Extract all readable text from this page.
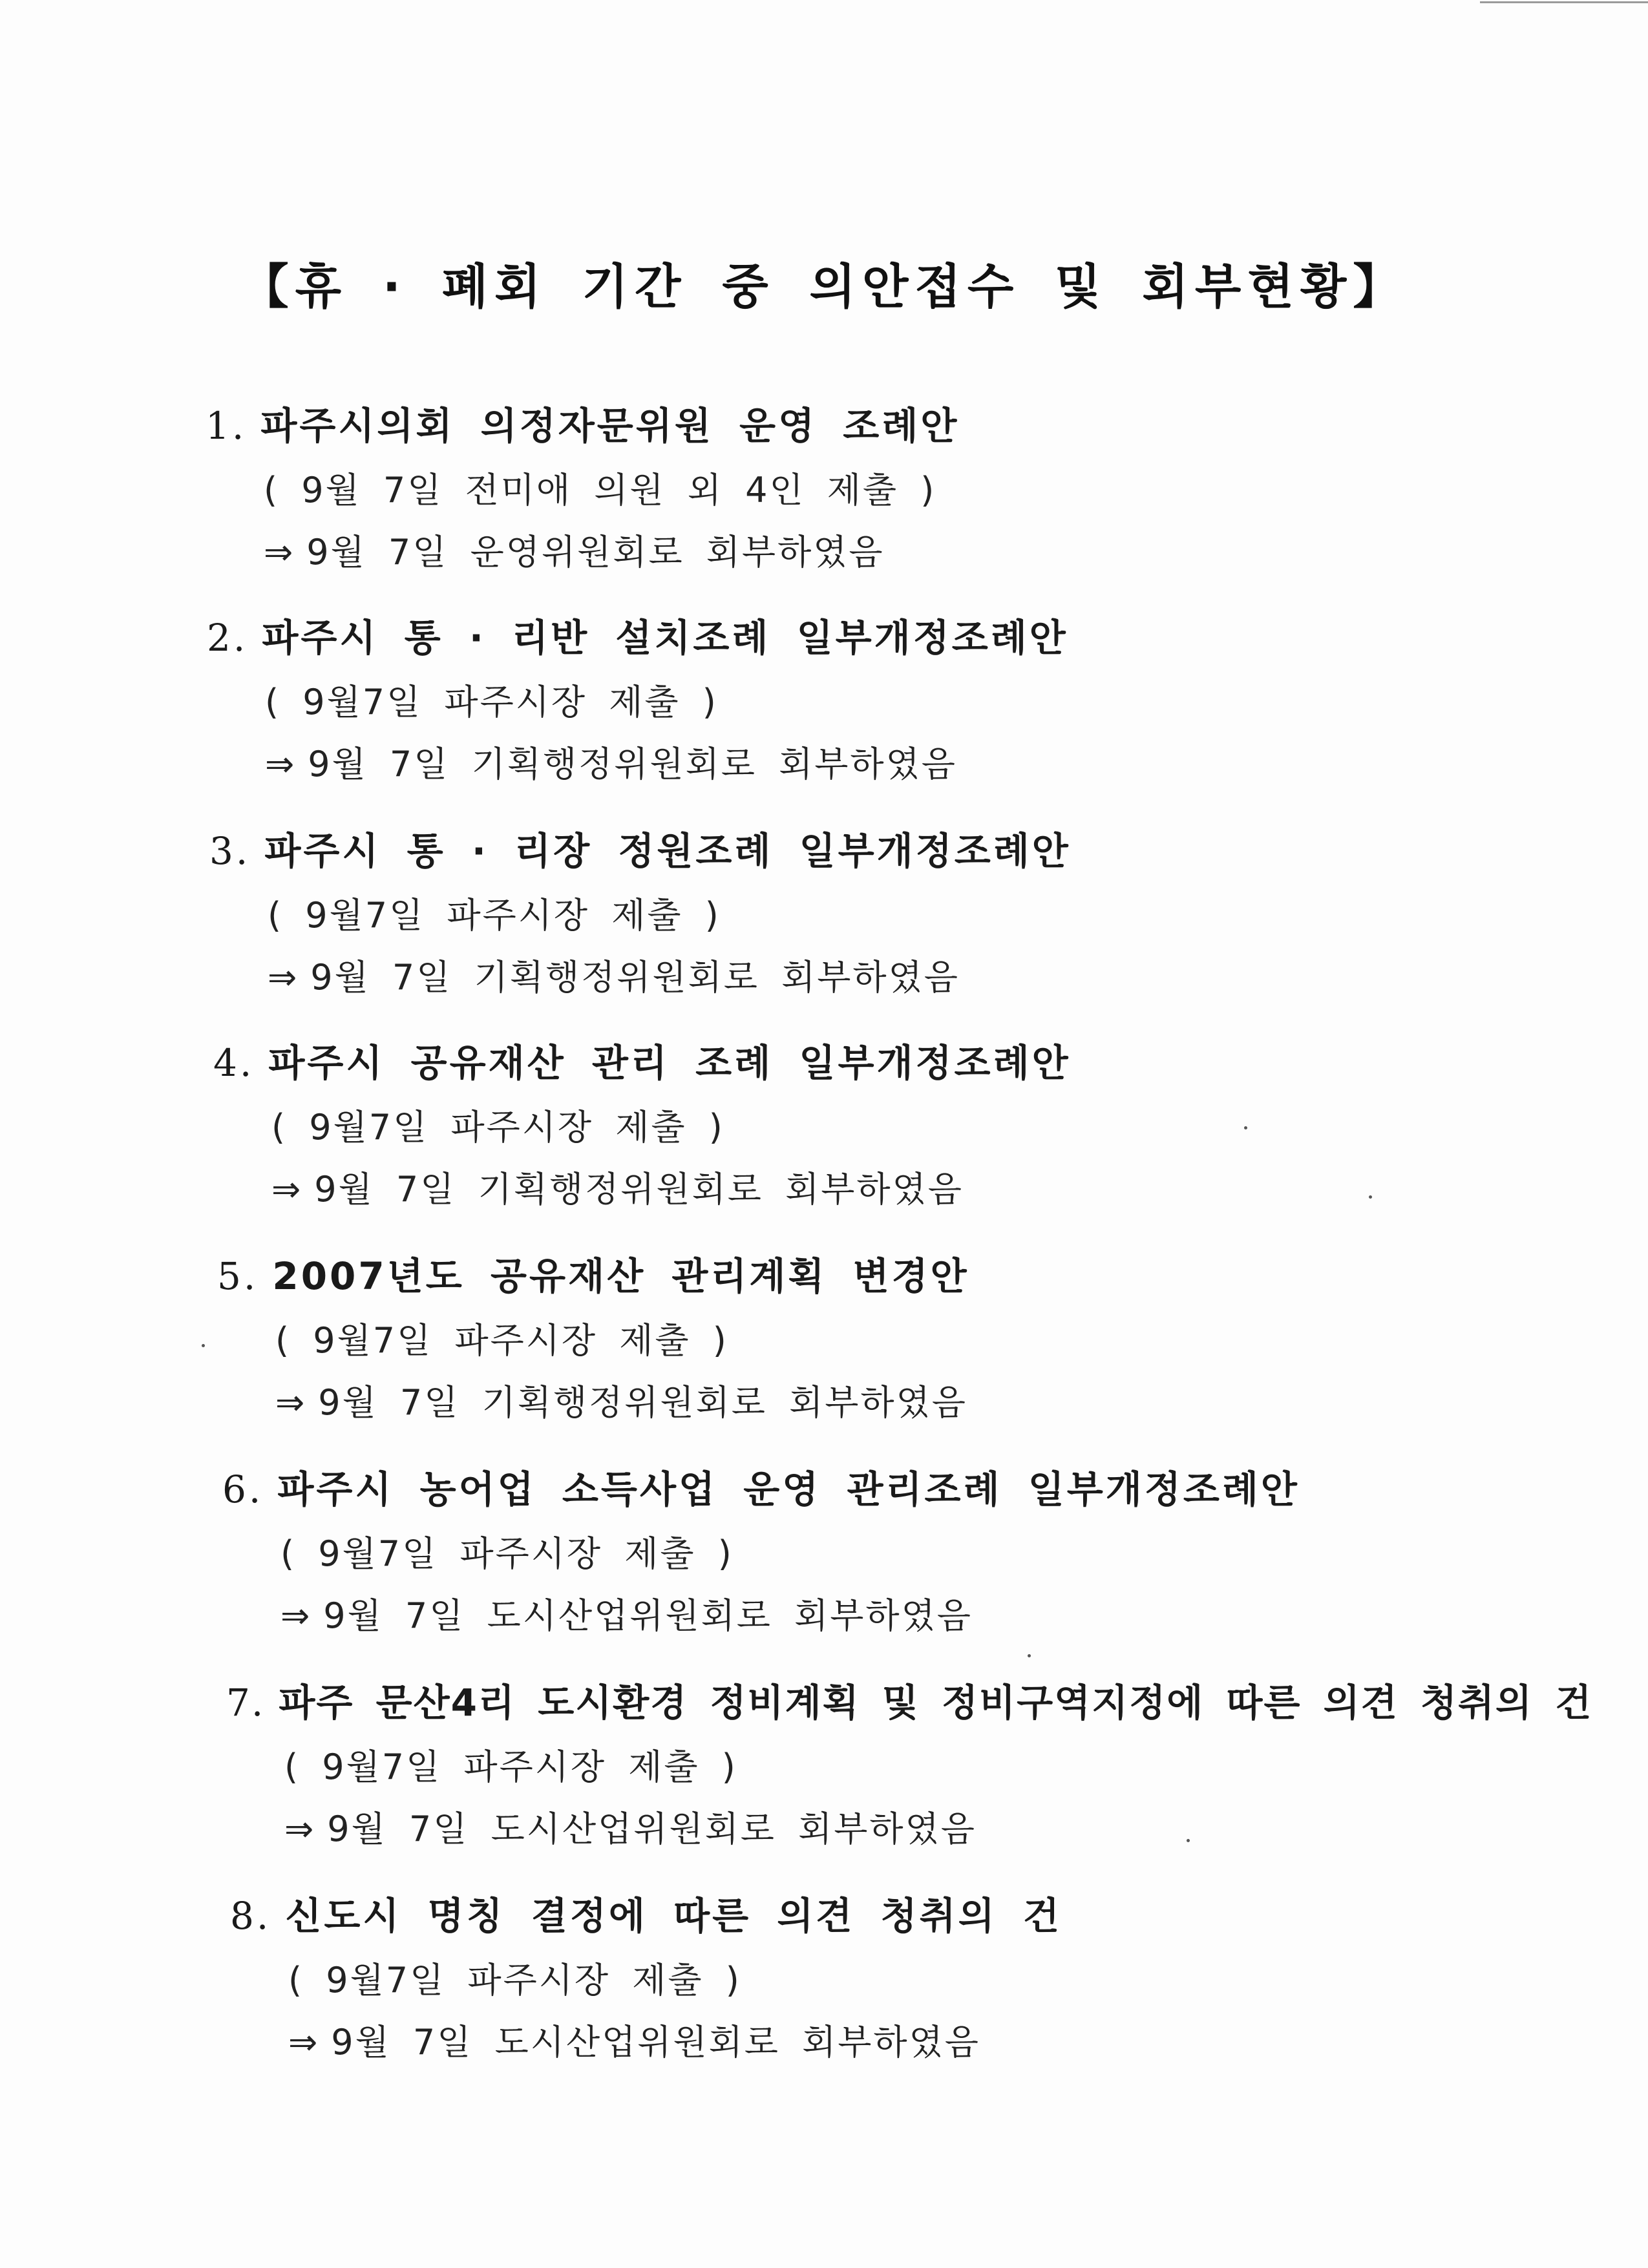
【휴 · 폐회 기간 중 의안접수 및 회부현황】
1. 파주시의회 의정자문위원 운영 조례안
( 9월 7일 전미애 의원 외 4인 제출 )
⇒ 9월 7일 운영위원회로 회부하였음
2. 파주시 통 · 리반 설치조례 일부개정조례안
( 9월7일 파주시장 제출 )
⇒ 9월 7일 기획행정위원회로 회부하였음
3. 파주시 통 · 리장 정원조례 일부개정조례안
( 9월7일 파주시장 제출 )
⇒ 9월 7일 기획행정위원회로 회부하였음
4. 파주시 공유재산 관리 조례 일부개정조례안
( 9월7일 파주시장 제출 )
⇒ 9월 7일 기획행정위원회로 회부하였음
5. 2007년도 공유재산 관리계획 변경안
( 9월7일 파주시장 제출 )
⇒ 9월 7일 기획행정위원회로 회부하였음
6. 파주시 농어업 소득사업 운영 관리조례 일부개정조례안
( 9월7일 파주시장 제출 )
⇒ 9월 7일 도시산업위원회로 회부하였음
7. 파주 문산4리 도시환경 정비계획 및 정비구역지정에 따른 의견 청취의 건
( 9월7일 파주시장 제출 )
⇒ 9월 7일 도시산업위원회로 회부하였음
8. 신도시 명칭 결정에 따른 의견 청취의 건
( 9월7일 파주시장 제출 )
⇒ 9월 7일 도시산업위원회로 회부하였음
